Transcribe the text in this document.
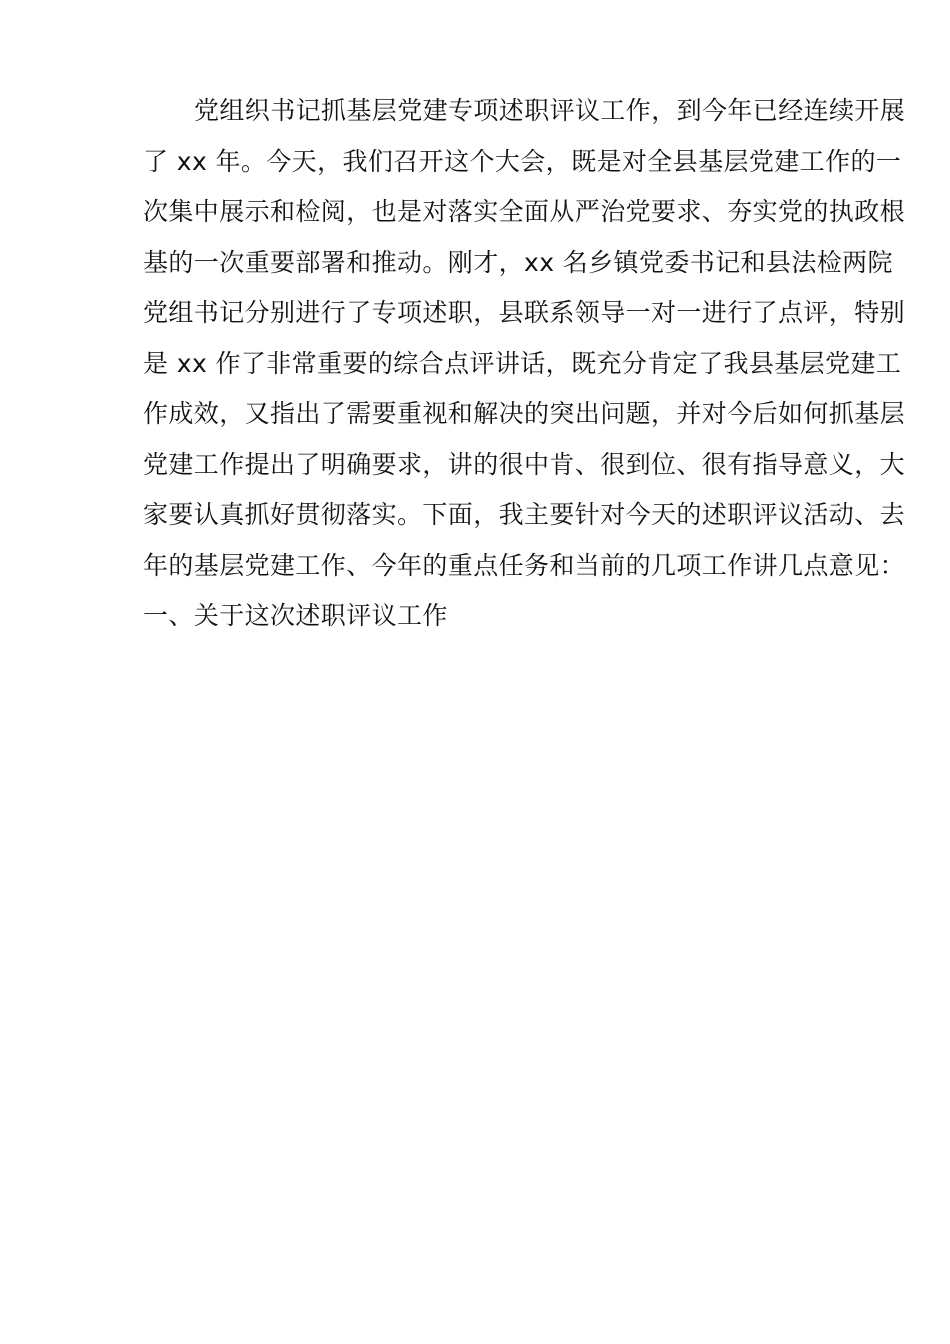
党组织书记抓基层党建专项述职评议工作，到今年已经连续开展
了 xx 年。今天，我们召开这个大会，既是对全县基层党建工作的一
次集中展示和检阅，也是对落实全面从严治党要求、夯实党的执政根
基的一次重要部署和推动。刚才，xx 名乡镇党委书记和县法检两院
党组书记分别进行了专项述职，县联系领导一对一进行了点评，特别
是 xx 作了非常重要的综合点评讲话，既充分肯定了我县基层党建工
作成效，又指出了需要重视和解决的突出问题，并对今后如何抓基层
党建工作提出了明确要求，讲的很中肯、很到位、很有指导意义，大
家要认真抓好贯彻落实。下面，我主要针对今天的述职评议活动、去
年的基层党建工作、今年的重点任务和当前的几项工作讲几点意见：

一、关于这次述职评议工作
